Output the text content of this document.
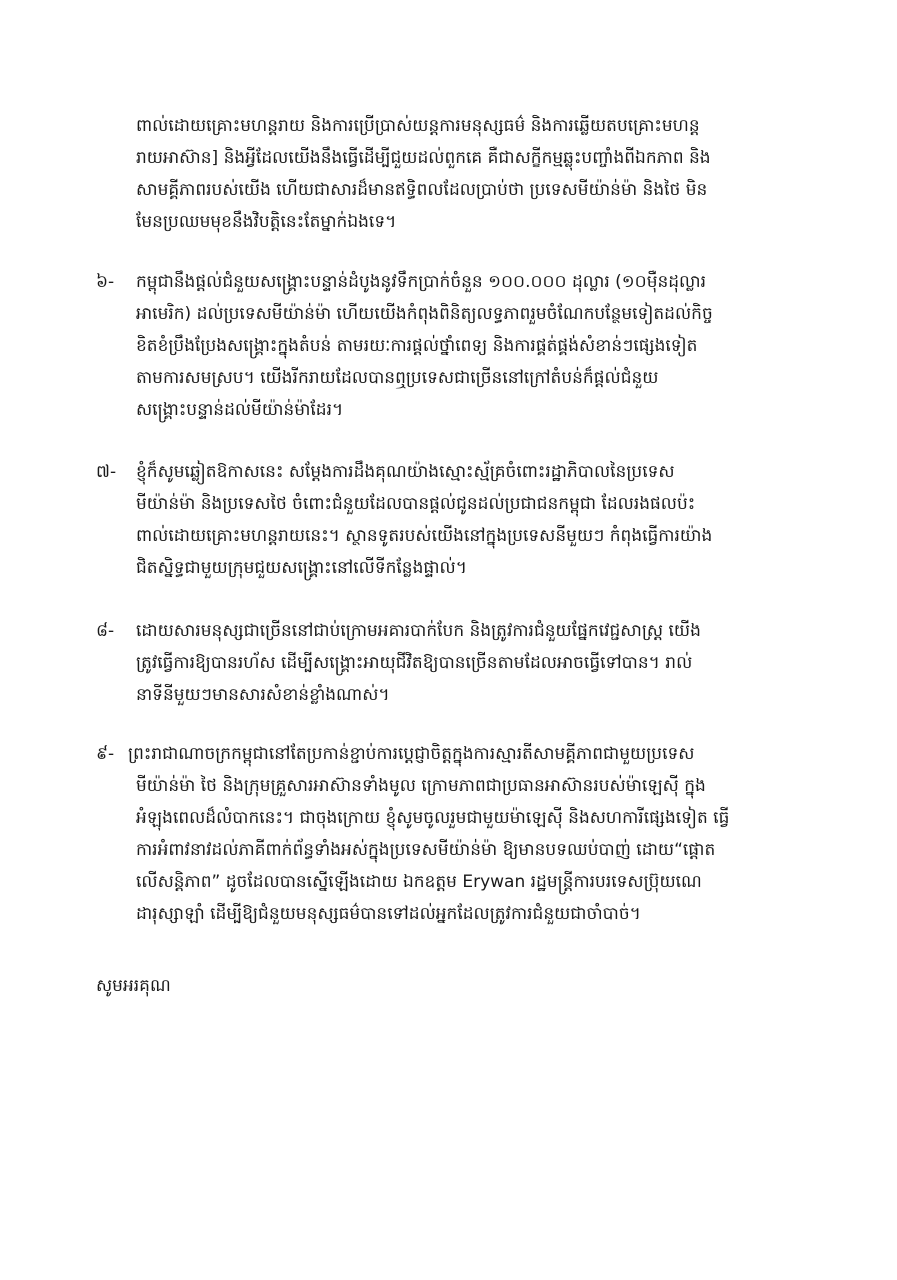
ពាល់ដោយគ្រោះមហន្តរាយ និងការប្រើប្រាស់យន្តការមនុស្សធម៌ និងការឆ្លើយតបគ្រោះមហន្ត
រាយអាស៊ាន] និងអ្វីដែលយើងនឹងធ្វើដើម្បីជួយដល់ពួកគេ គឺជាសក្ខីកម្មឆ្លុះបញ្ចាំងពីឯកភាព និង
សាមគ្គីភាពរបស់យើង ហើយជាសារដ៏មានឥទ្ធិពលដែលប្រាប់ថា ប្រទេសមីយ៉ាន់ម៉ា និងថៃ មិន
មែនប្រឈមមុខនឹងវិបត្តិនេះតែម្នាក់ឯងទេ។
៦- កម្ពុជានឹងផ្តល់ជំនួយសង្គ្រោះបន្ទាន់ដំបូងនូវទឹកប្រាក់ចំនួន ១០០.០០០ ដុល្លារ (១០ម៉ឺនដុល្លារ
អាមេរិក) ដល់ប្រទេសមីយ៉ាន់ម៉ា ហើយយើងកំពុងពិនិត្យលទ្ធភាពរួមចំណែកបន្ថែមទៀតដល់កិច្ច
ខិតខំប្រឹងប្រែងសង្គ្រោះក្នុងតំបន់ តាមរយៈការផ្តល់ថ្នាំពេទ្យ និងការផ្គត់ផ្គង់សំខាន់ៗផ្សេងទៀត
តាមការសមស្រប។ យើងរីករាយដែលបានឮប្រទេសជាច្រើននៅក្រៅតំបន់ក៏ផ្តល់ជំនួយ
សង្គ្រោះបន្ទាន់ដល់មីយ៉ាន់ម៉ាដែរ។
៧- ខ្ញុំក៏សូមឆ្លៀតឱកាសនេះ សម្តែងការដឹងគុណយ៉ាងស្មោះស្ម័គ្រចំពោះរដ្ឋាភិបាលនៃប្រទេស
មីយ៉ាន់ម៉ា និងប្រទេសថៃ ចំពោះជំនួយដែលបានផ្តល់ជូនដល់ប្រជាជនកម្ពុជា ដែលរងផលប៉ះ
ពាល់ដោយគ្រោះមហន្តរាយនេះ។ ស្ថានទូតរបស់យើងនៅក្នុងប្រទេសនីមួយៗ កំពុងធ្វើការយ៉ាង
ជិតស្និទ្ធជាមួយក្រុមជួយសង្គ្រោះនៅលើទីកន្លែងផ្ទាល់។
៨- ដោយសារមនុស្សជាច្រើននៅជាប់ក្រោមអគារបាក់បែក និងត្រូវការជំនួយផ្នែកវេជ្ជសាស្ត្រ យើង
ត្រូវធ្វើការឱ្យបានរហ័ស ដើម្បីសង្គ្រោះអាយុជីវិតឱ្យបានច្រើនតាមដែលអាចធ្វើទៅបាន។ រាល់
នាទីនីមួយៗមានសារសំខាន់ខ្លាំងណាស់។
៩- ព្រះរាជាណាចក្រកម្ពុជានៅតែប្រកាន់ខ្ជាប់ការប្តេជ្ញាចិត្តក្នុងការស្មារតីសាមគ្គីភាពជាមួយប្រទេស
មីយ៉ាន់ម៉ា ថៃ និងក្រុមគ្រួសារអាស៊ានទាំងមូល ក្រោមភាពជាប្រធានអាស៊ានរបស់ម៉ាឡេស៊ី ក្នុង
អំឡុងពេលដ៏លំបាកនេះ។ ជាចុងក្រោយ ខ្ញុំសូមចូលរួមជាមួយម៉ាឡេស៊ី និងសហការីផ្សេងទៀត ធ្វើ
ការអំពាវនាវដល់ភាគីពាក់ព័ន្ធទាំងអស់ក្នុងប្រទេសមីយ៉ាន់ម៉ា ឱ្យមានបទឈប់បាញ់ ដោយ“ផ្តោត
លើសន្តិភាព” ដូចដែលបានស្នើឡើងដោយ ឯកឧត្តម Erywan រដ្ឋមន្ត្រីការបរទេសប្រ៊ុយណេ
ដារុស្សាឡាំ ដើម្បីឱ្យជំនួយមនុស្សធម៌បានទៅដល់អ្នកដែលត្រូវការជំនួយជាចាំបាច់។
សូមអរគុណ
